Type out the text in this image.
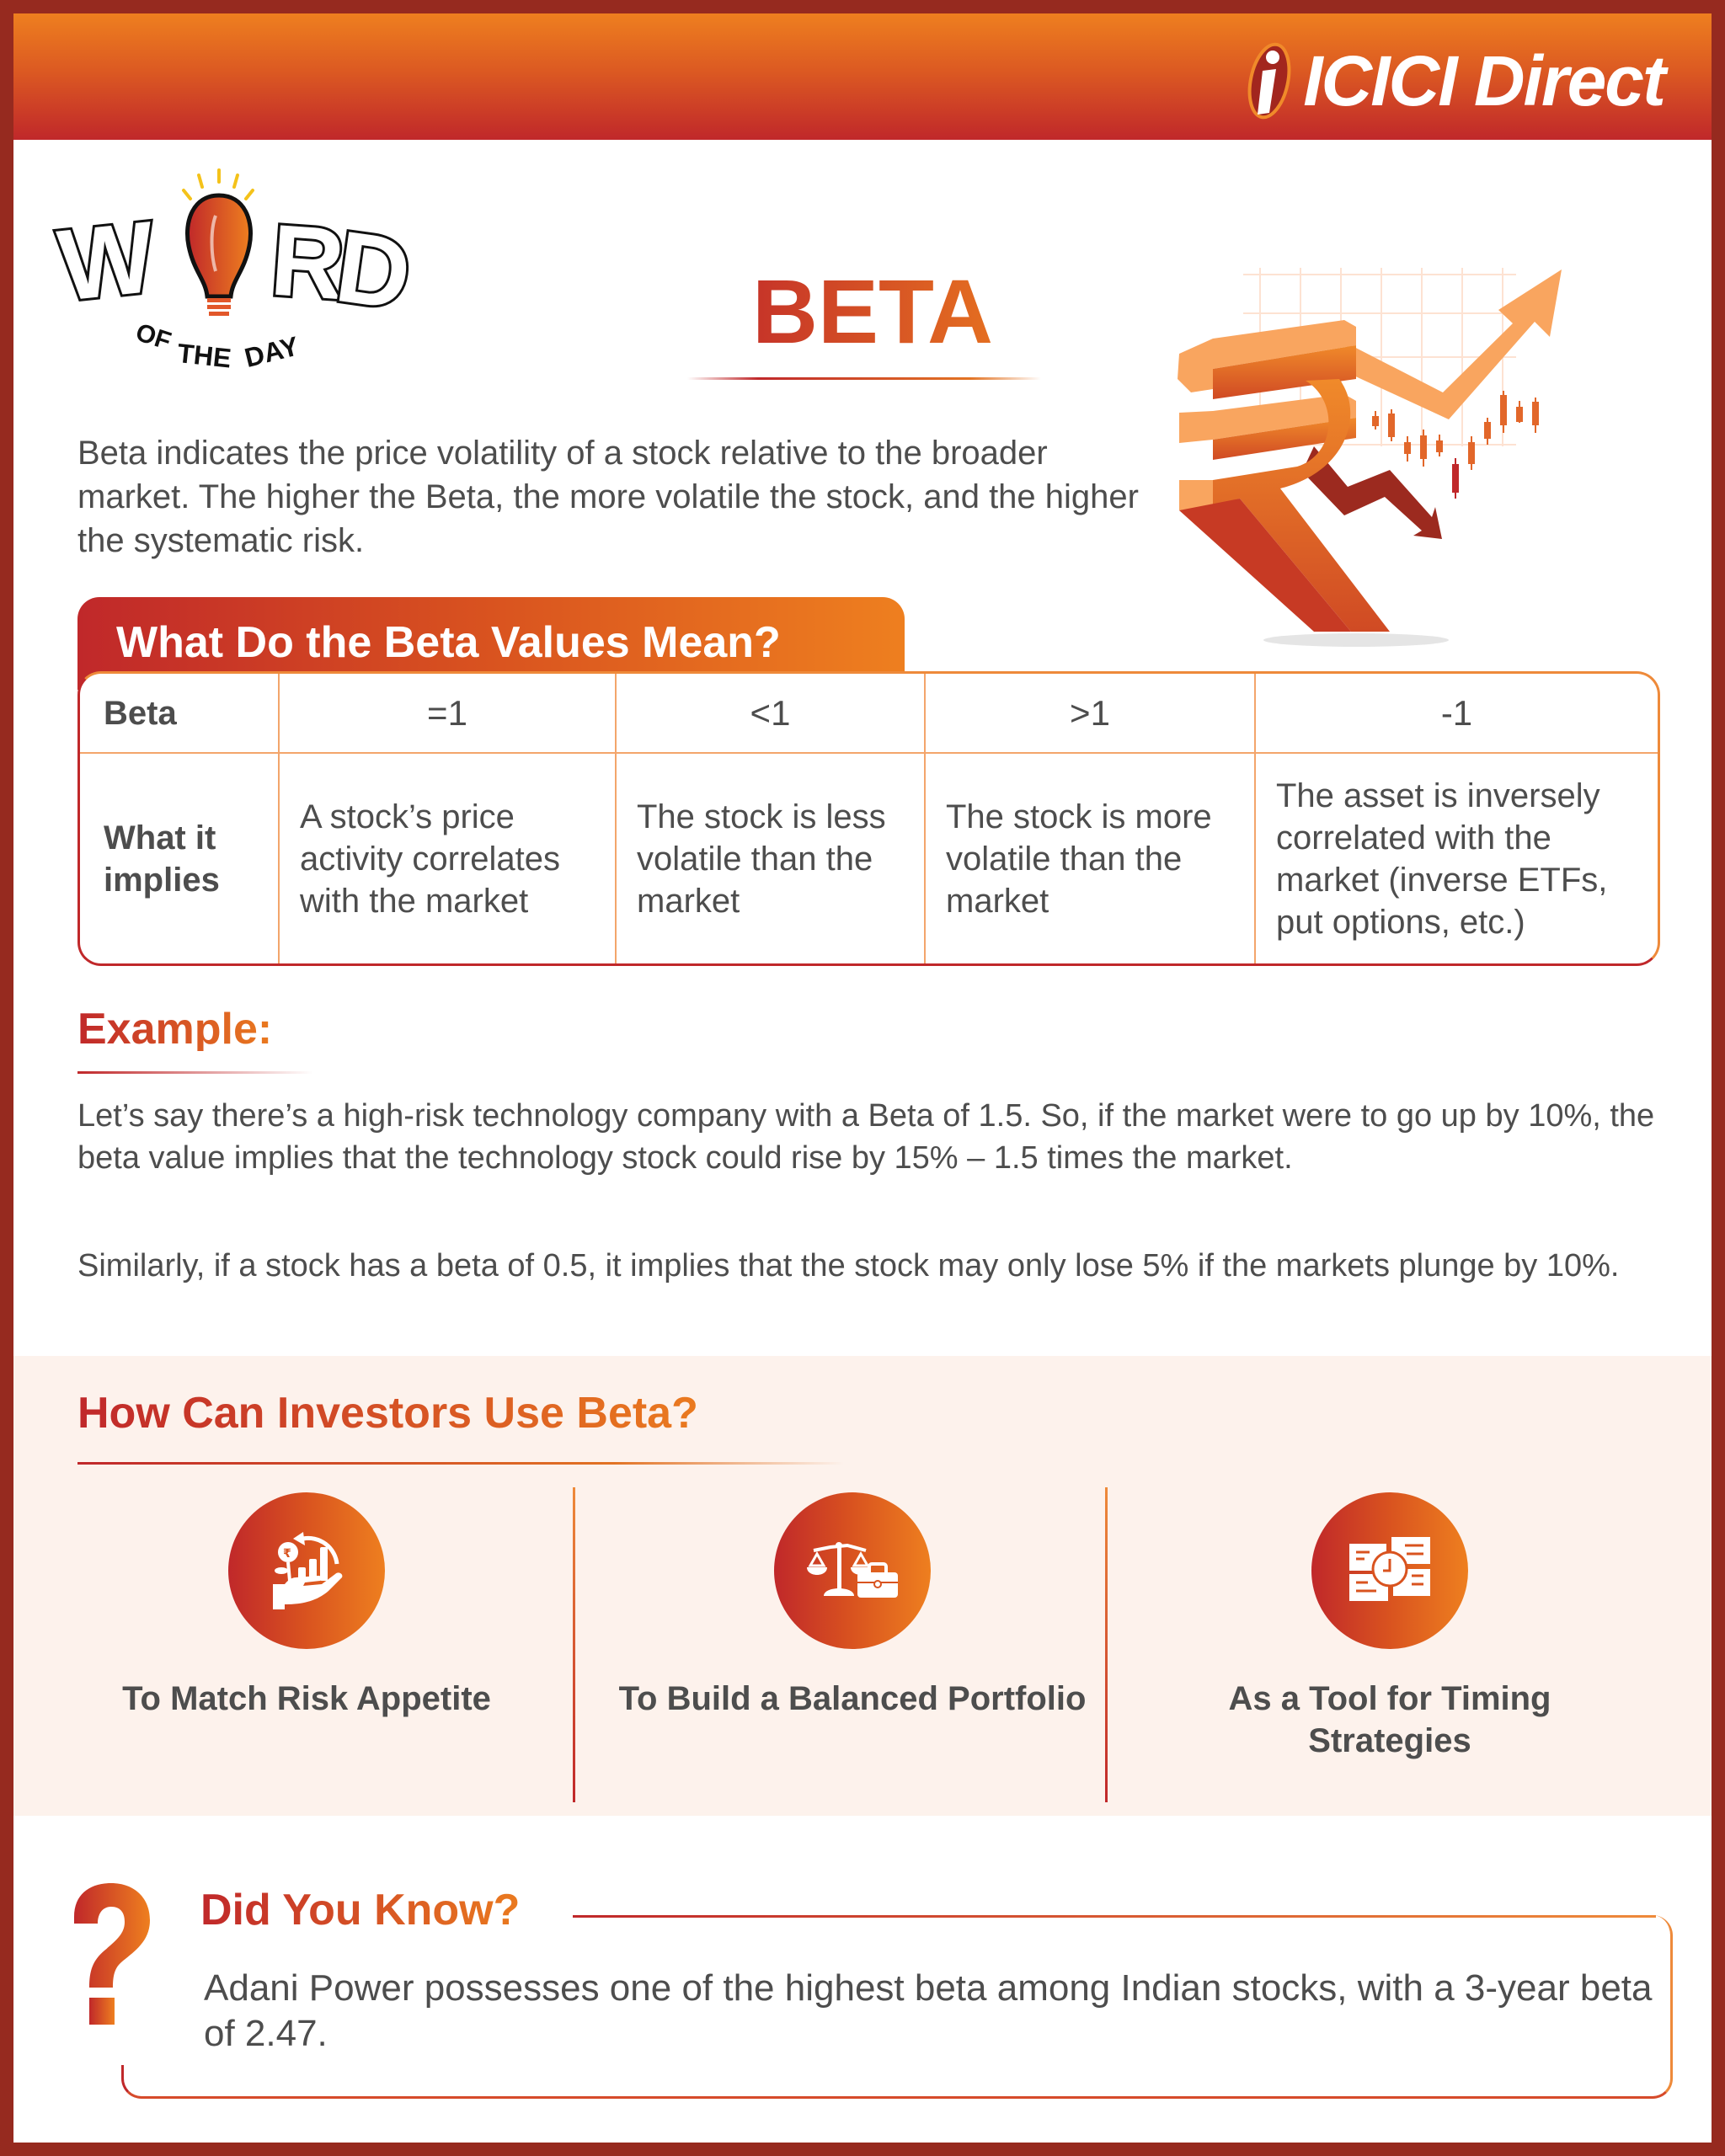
ICICI Direct
W R
D
OF
THE DAY	BETA

Beta indicates the price volatility of a stock relative to the broader market. The higher the Beta, the more volatile the stock, and the higher the systematic risk.

What Do the Beta Values Mean?
Beta	=1	<1	>1	-1
What it implies	A stock’s price activity correlates with the market	The stock is less volatile than the market	The stock is more volatile than the market	The asset is inversely correlated with the market (inverse ETFs, put options, etc.)
Example:

Let’s say there’s a high-risk technology company with a Beta of 1.5. So, if the market were to go up by 10%, the beta value implies that the technology stock could rise by 15% – 1.5 times the market.

Similarly, if a stock has a beta of 0.5, it implies that the stock may only lose 5% if the markets plunge by 10%.

How Can Investors Use Beta?
₹
To Match Risk Appetite	To Build a Balanced Portfolio	As a Tool for Timing Strategies
Did You Know?

Adani Power possesses one of the highest beta among Indian stocks, with a 3-year beta of 2.47.
